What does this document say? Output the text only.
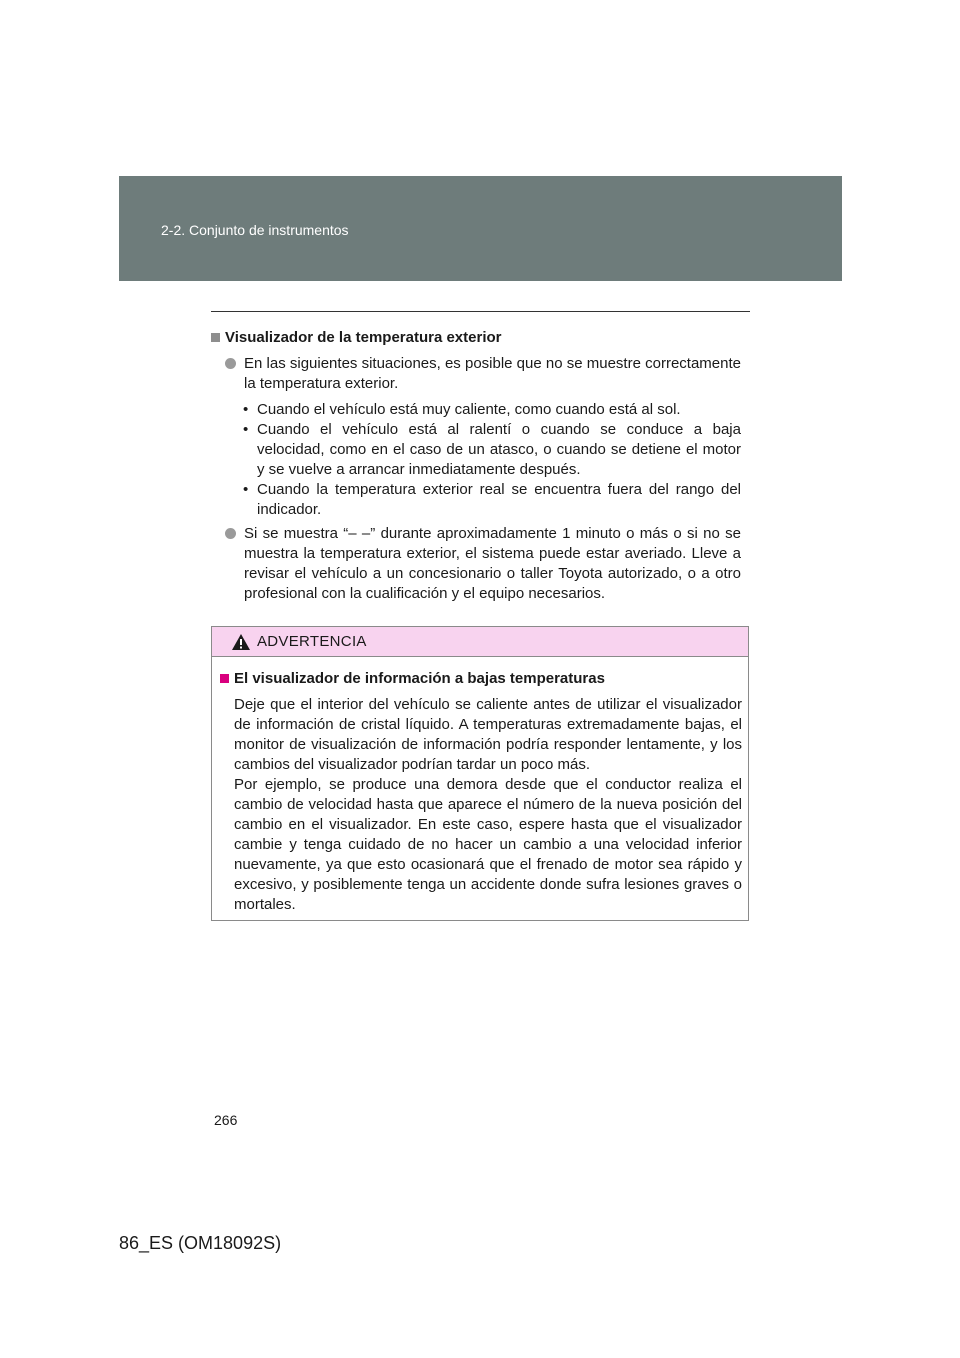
2-2. Conjunto de instrumentos
Visualizador de la temperatura exterior
En las siguientes situaciones, es posible que no se muestre correctamente la temperatura exterior.
• Cuando el vehículo está muy caliente, como cuando está al sol.
• Cuando el vehículo está al ralentí o cuando se conduce a baja velocidad, como en el caso de un atasco, o cuando se detiene el motor y se vuelve a arrancar inmediatamente después.
• Cuando la temperatura exterior real se encuentra fuera del rango del indicador.
Si se muestra “– –” durante aproximadamente 1 minuto o más o si no se muestra la temperatura exterior, el sistema puede estar averiado. Lleve a revisar el vehículo a un concesionario o taller Toyota autorizado, o a otro profesional con la cualificación y el equipo necesarios.
ADVERTENCIA
El visualizador de información a bajas temperaturas
Deje que el interior del vehículo se caliente antes de utilizar el visualizador de información de cristal líquido. A temperaturas extremadamente bajas, el monitor de visualización de información podría responder lentamente, y los cambios del visualizador podrían tardar un poco más.
Por ejemplo, se produce una demora desde que el conductor realiza el cambio de velocidad hasta que aparece el número de la nueva posición del cambio en el visualizador. En este caso, espere hasta que el visualizador cambie y tenga cuidado de no hacer un cambio a una velocidad inferior nuevamente, ya que esto ocasionará que el frenado de motor sea rápido y excesivo, y posiblemente tenga un accidente donde sufra lesiones graves o mortales.
266
86_ES (OM18092S)
